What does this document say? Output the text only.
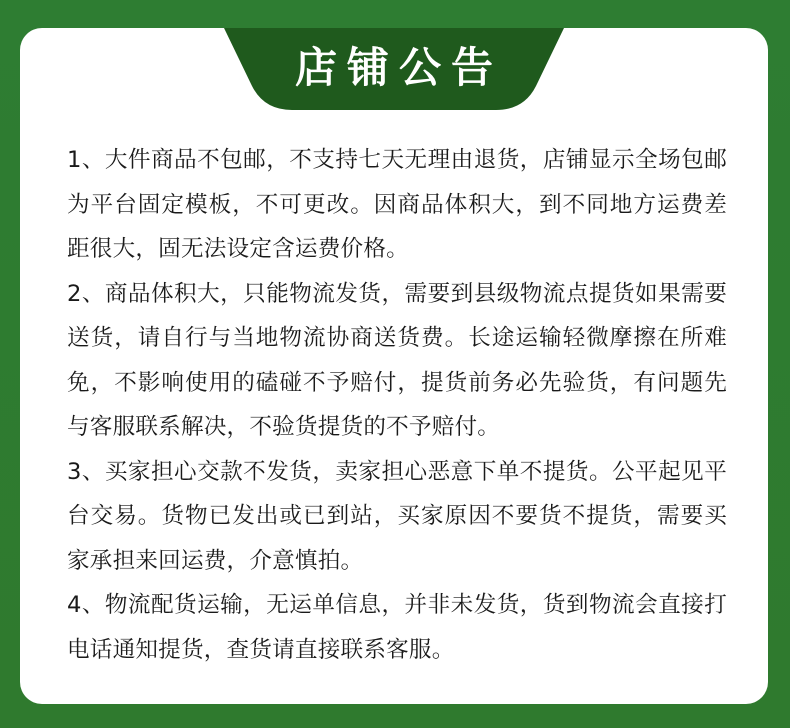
店铺公告

1、大件商品不包邮，不支持七天无理由退货，店铺显示全场包邮为平台固定模板，不可更改。因商品体积大，到不同地方运费差距很大，固无法设定含运费价格。

2、商品体积大，只能物流发货，需要到县级物流点提货如果需要送货，请自行与当地物流协商送货费。长途运输轻微摩擦在所难免，不影响使用的磕碰不予赔付，提货前务必先验货，有问题先与客服联系解决，不验货提货的不予赔付。

3、买家担心交款不发货，卖家担心恶意下单不提货。公平起见平台交易。货物已发出或已到站，买家原因不要货不提货，需要买家承担来回运费，介意慎拍。

4、物流配货运输，无运单信息，并非未发货，货到物流会直接打电话通知提货，查货请直接联系客服。
